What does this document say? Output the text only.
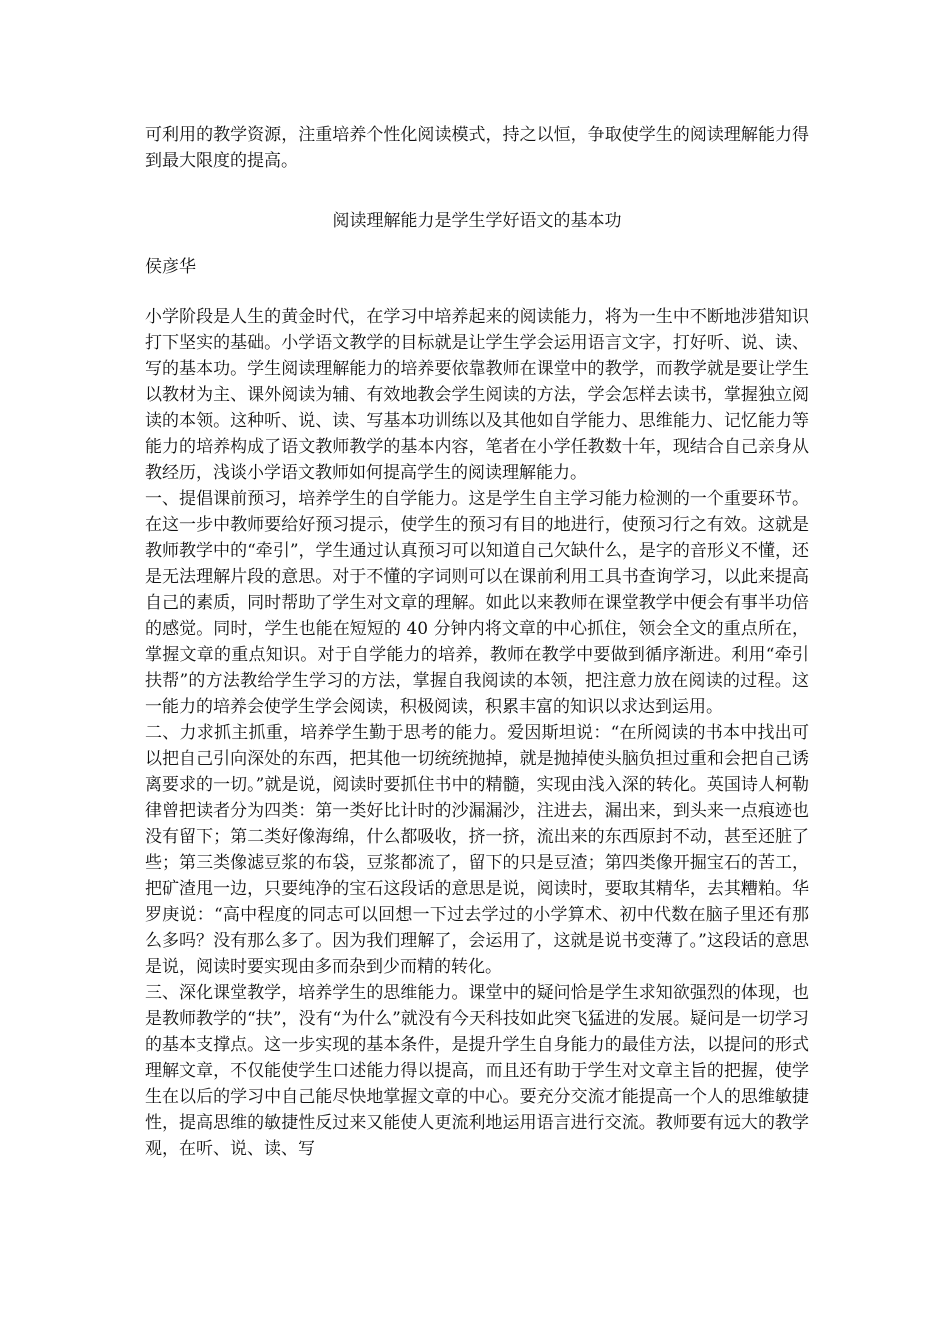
可利用的教学资源，注重培养个性化阅读模式，持之以恒，争取使学生的阅读理解能力得到最大限度的提高。

阅读理解能力是学生学好语文的基本功

侯彦华

小学阶段是人生的黄金时代，在学习中培养起来的阅读能力，将为一生中不断地涉猎知识打下坚实的基础。小学语文教学的目标就是让学生学会运用语言文字，打好听、说、读、写的基本功。学生阅读理解能力的培养要依靠教师在课堂中的教学，而教学就是要让学生以教材为主、课外阅读为辅、有效地教会学生阅读的方法，学会怎样去读书，掌握独立阅读的本领。这种听、说、读、写基本功训练以及其他如自学能力、思维能力、记忆能力等能力的培养构成了语文教师教学的基本内容，笔者在小学任教数十年，现结合自己亲身从教经历，浅谈小学语文教师如何提高学生的阅读理解能力。

一、提倡课前预习，培养学生的自学能力。这是学生自主学习能力检测的一个重要环节。在这一步中教师要给好预习提示，使学生的预习有目的地进行，使预习行之有效。这就是教师教学中的“牵引”，学生通过认真预习可以知道自己欠缺什么，是字的音形义不懂，还是无法理解片段的意思。对于不懂的字词则可以在课前利用工具书查询学习，以此来提高自己的素质，同时帮助了学生对文章的理解。如此以来教师在课堂教学中便会有事半功倍的感觉。同时，学生也能在短短的 40 分钟内将文章的中心抓住，领会全文的重点所在，掌握文章的重点知识。对于自学能力的培养，教师在教学中要做到循序渐进。利用“牵引扶帮”的方法教给学生学习的方法，掌握自我阅读的本领，把注意力放在阅读的过程。这一能力的培养会使学生学会阅读，积极阅读，积累丰富的知识以求达到运用。

二、力求抓主抓重，培养学生勤于思考的能力。爱因斯坦说：“在所阅读的书本中找出可以把自己引向深处的东西，把其他一切统统抛掉，就是抛掉使头脑负担过重和会把自己诱离要求的一切。”就是说，阅读时要抓住书中的精髓，实现由浅入深的转化。英国诗人柯勒律曾把读者分为四类：第一类好比计时的沙漏漏沙，注进去，漏出来，到头来一点痕迹也没有留下；第二类好像海绵，什么都吸收，挤一挤，流出来的东西原封不动，甚至还脏了些；第三类像滤豆浆的布袋，豆浆都流了，留下的只是豆渣；第四类像开掘宝石的苦工，把矿渣甩一边，只要纯净的宝石这段话的意思是说，阅读时，要取其精华，去其糟粕。华罗庚说：“高中程度的同志可以回想一下过去学过的小学算术、初中代数在脑子里还有那么多吗？没有那么多了。因为我们理解了，会运用了，这就是说书变薄了。”这段话的意思是说，阅读时要实现由多而杂到少而精的转化。

三、深化课堂教学，培养学生的思维能力。课堂中的疑问恰是学生求知欲强烈的体现，也是教师教学的“扶”，没有“为什么”就没有今天科技如此突飞猛进的发展。疑问是一切学习的基本支撑点。这一步实现的基本条件，是提升学生自身能力的最佳方法，以提问的形式理解文章，不仅能使学生口述能力得以提高，而且还有助于学生对文章主旨的把握，使学生在以后的学习中自己能尽快地掌握文章的中心。要充分交流才能提高一个人的思维敏捷性，提高思维的敏捷性反过来又能使人更流利地运用语言进行交流。教师要有远大的教学观，在听、说、读、写
